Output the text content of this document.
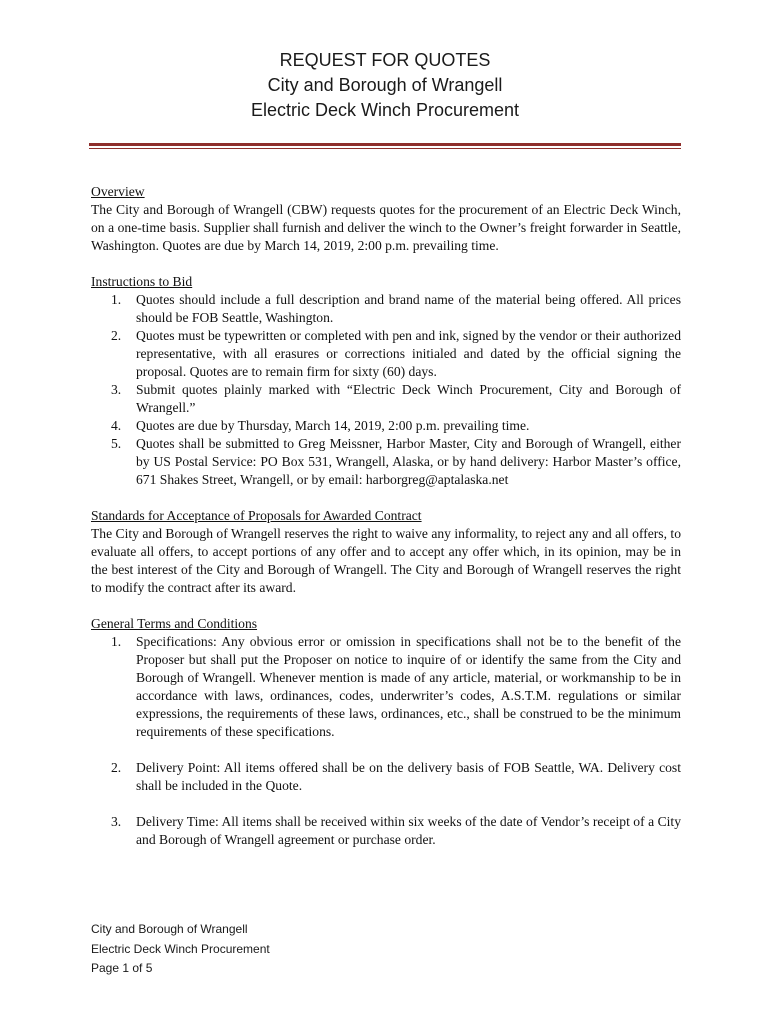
REQUEST FOR QUOTES
City and Borough of Wrangell
Electric Deck Winch Procurement
Overview

The City and Borough of Wrangell (CBW) requests quotes for the procurement of an Electric Deck Winch, on a one-time basis. Supplier shall furnish and deliver the winch to the Owner’s freight forwarder in Seattle, Washington. Quotes are due by March 14, 2019, 2:00 p.m. prevailing time.

Instructions to Bid
1. Quotes should include a full description and brand name of the material being offered. All prices should be FOB Seattle, Washington.
2. Quotes must be typewritten or completed with pen and ink, signed by the vendor or their authorized representative, with all erasures or corrections initialed and dated by the official signing the proposal. Quotes are to remain firm for sixty (60) days.
3. Submit quotes plainly marked with “Electric Deck Winch Procurement, City and Borough of Wrangell.”
4. Quotes are due by Thursday, March 14, 2019, 2:00 p.m. prevailing time.
5. Quotes shall be submitted to Greg Meissner, Harbor Master, City and Borough of Wrangell, either by US Postal Service: PO Box 531, Wrangell, Alaska, or by hand delivery: Harbor Master’s office, 671 Shakes Street, Wrangell, or by email: harborgreg@aptalaska.net
Standards for Acceptance of Proposals for Awarded Contract

The City and Borough of Wrangell reserves the right to waive any informality, to reject any and all offers, to evaluate all offers, to accept portions of any offer and to accept any offer which, in its opinion, may be in the best interest of the City and Borough of Wrangell. The City and Borough of Wrangell reserves the right to modify the contract after its award.

General Terms and Conditions
1. Specifications: Any obvious error or omission in specifications shall not be to the benefit of the Proposer but shall put the Proposer on notice to inquire of or identify the same from the City and Borough of Wrangell. Whenever mention is made of any article, material, or workmanship to be in accordance with laws, ordinances, codes, underwriter’s codes, A.S.T.M. regulations or similar expressions, the requirements of these laws, ordinances, etc., shall be construed to be the minimum requirements of these specifications.
2. Delivery Point: All items offered shall be on the delivery basis of FOB Seattle, WA. Delivery cost shall be included in the Quote.
3. Delivery Time: All items shall be received within six weeks of the date of Vendor’s receipt of a City and Borough of Wrangell agreement or purchase order.
City and Borough of Wrangell
Electric Deck Winch Procurement
Page 1 of 5
